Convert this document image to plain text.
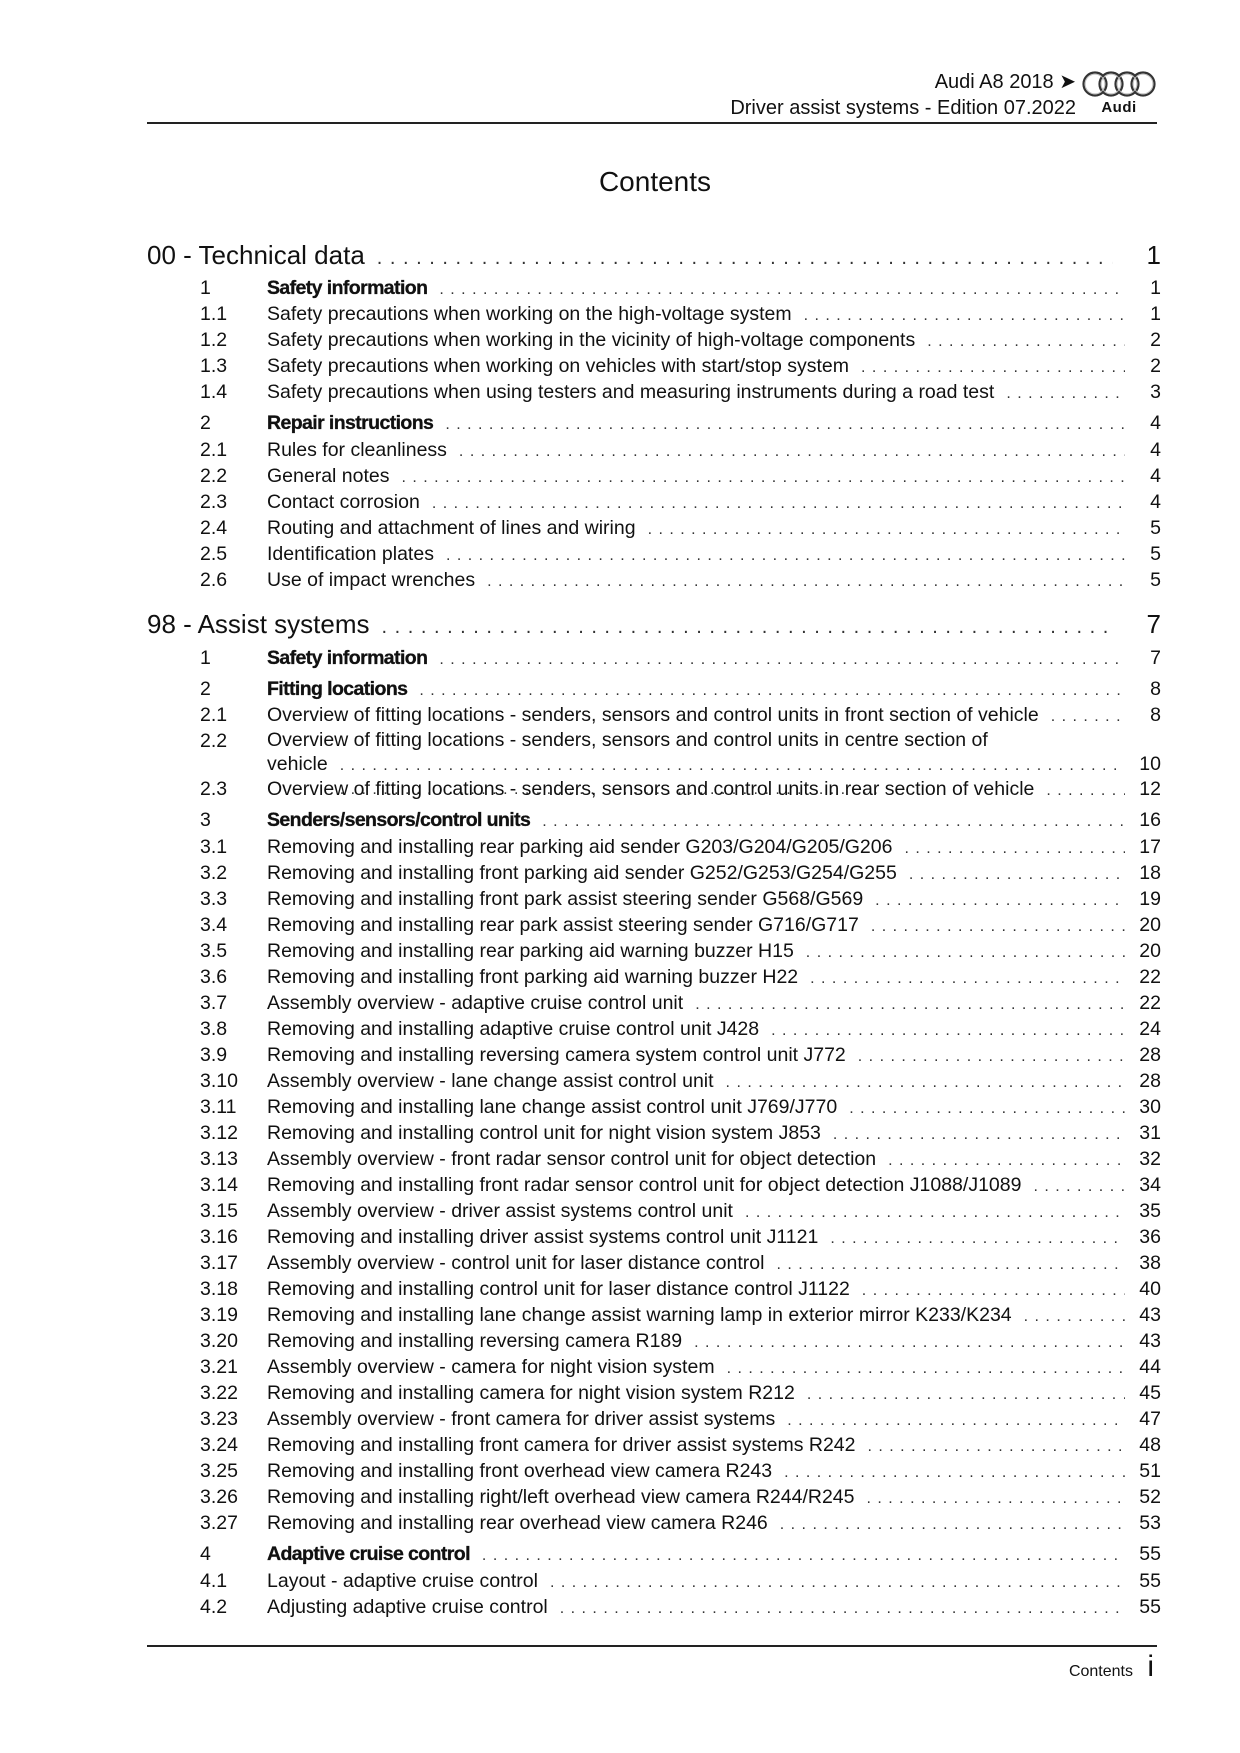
Audi A8 2018 ➤
Driver assist systems - Edition 07.2022	Audi
Contents
00 - Technical data . . .	1
1	Safety information . . .	1
1.1 Safety precautions when working on the high-voltage system . . .	1
1.2 Safety precautions when working in the vicinity of high-voltage components . . .	2
1.3 Safety precautions when working on vehicles with start/stop system . . .	2
1.4 Safety precautions when using testers and measuring instruments during a road test . . .	3
2	Repair instructions . . .	4
2.1 Rules for cleanliness . . .	4
2.2 General notes . . .	4
2.3 Contact corrosion . . .	4
2.4 Routing and attachment of lines and wiring . . .	5
2.5 Identification plates . . .	5
2.6 Use of impact wrenches . . .	5
98 - Assist systems . . .	7
1	Safety information . . .	7
2	Fitting locations . . .	8
2.1 Overview of fitting locations - senders, sensors and control units in front section of vehicle . . .	8
2.2 Overview of fitting locations - senders, sensors and control units in centre section of
vehicle . . .	10
2.3 Overview of fitting locations - senders, sensors and control units in rear section of vehicle . . .	12
3	Senders/sensors/control units . . .	16
3.1 Removing and installing rear parking aid sender G203/G204/G205/G206 . . .	17
3.2 Removing and installing front parking aid sender G252/G253/G254/G255 . . .	18
3.3 Removing and installing front park assist steering sender G568/G569 . . .	19
3.4 Removing and installing rear park assist steering sender G716/G717 . . .	20
3.5 Removing and installing rear parking aid warning buzzer H15 . . .	20
3.6 Removing and installing front parking aid warning buzzer H22 . . .	22
3.7 Assembly overview - adaptive cruise control unit . . .	22
3.8 Removing and installing adaptive cruise control unit J428 . . .	24
3.9 Removing and installing reversing camera system control unit J772 . . .	28
3.10 Assembly overview - lane change assist control unit . . .	28
3.11 Removing and installing lane change assist control unit J769/J770 . . .	30
3.12 Removing and installing control unit for night vision system J853 . . .	31
3.13 Assembly overview - front radar sensor control unit for object detection . . .	32
3.14 Removing and installing front radar sensor control unit for object detection J1088/J1089 . . .	34
3.15 Assembly overview - driver assist systems control unit . . .	35
3.16 Removing and installing driver assist systems control unit J1121 . . .	36
3.17 Assembly overview - control unit for laser distance control . . .	38
3.18 Removing and installing control unit for laser distance control J1122 . . .	40
3.19 Removing and installing lane change assist warning lamp in exterior mirror K233/K234 . . .	43
3.20 Removing and installing reversing camera R189 . . .	43
3.21 Assembly overview - camera for night vision system . . .	44
3.22 Removing and installing camera for night vision system R212 . . .	45
3.23 Assembly overview - front camera for driver assist systems . . .	47
3.24 Removing and installing front camera for driver assist systems R242 . . .	48
3.25 Removing and installing front overhead view camera R243 . . .	51
3.26 Removing and installing right/left overhead view camera R244/R245 . . .	52
3.27 Removing and installing rear overhead view camera R246 . . .	53
4	Adaptive cruise control . . .	55
4.1 Layout - adaptive cruise control . . .	55
4.2 Adjusting adaptive cruise control . . .	55
Contents i
